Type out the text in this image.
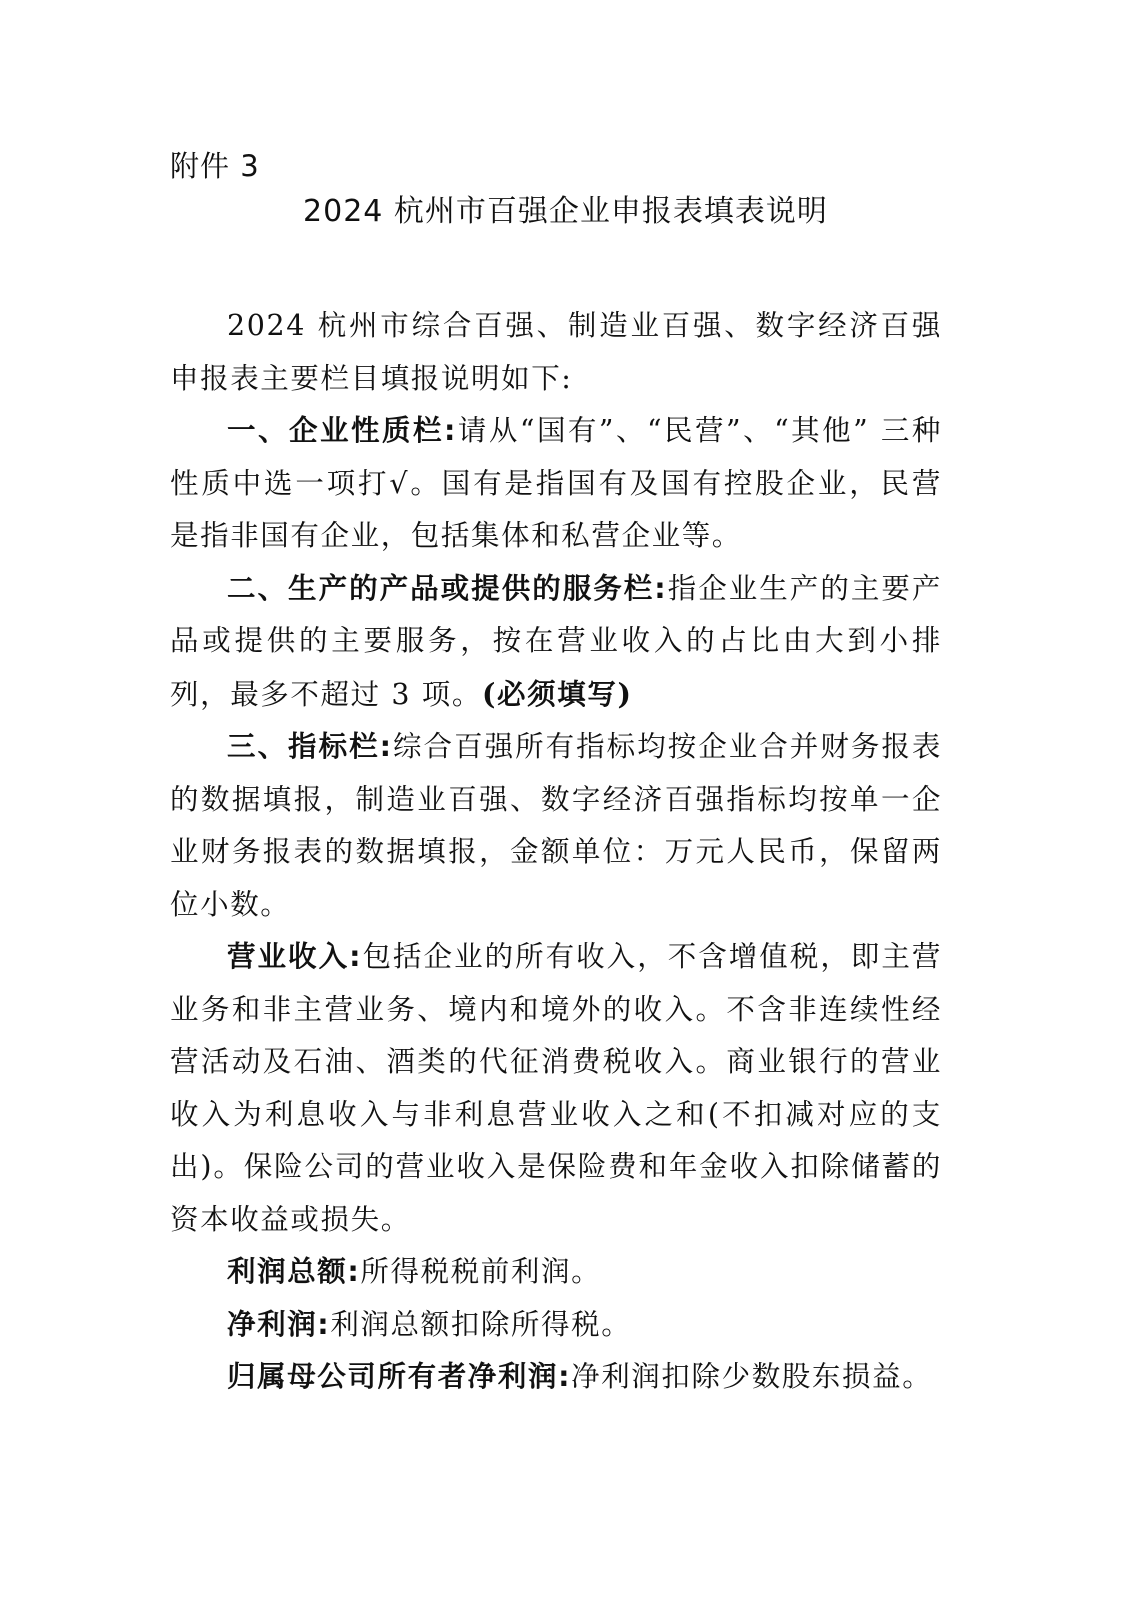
附件 3
2024 杭州市百强企业申报表填表说明

2024 杭州市综合百强、制造业百强、数字经济百强申报表主要栏目填报说明如下:

一、企业性质栏:请从“国有”、“民营”、“其他” 三种性质中选一项打√。国有是指国有及国有控股企业，民营是指非国有企业，包括集体和私营企业等。

二、生产的产品或提供的服务栏:指企业生产的主要产品或提供的主要服务，按在营业收入的占比由大到小排列，最多不超过 3 项。(必须填写)

三、指标栏:综合百强所有指标均按企业合并财务报表的数据填报，制造业百强、数字经济百强指标均按单一企业财务报表的数据填报，金额单位：万元人民币，保留两位小数。

营业收入:包括企业的所有收入，不含增值税，即主营业务和非主营业务、境内和境外的收入。不含非连续性经营活动及石油、酒类的代征消费税收入。商业银行的营业收入为利息收入与非利息营业收入之和(不扣减对应的支出)。保险公司的营业收入是保险费和年金收入扣除储蓄的资本收益或损失。

利润总额:所得税税前利润。

净利润:利润总额扣除所得税。

归属母公司所有者净利润:净利润扣除少数股东损益。
